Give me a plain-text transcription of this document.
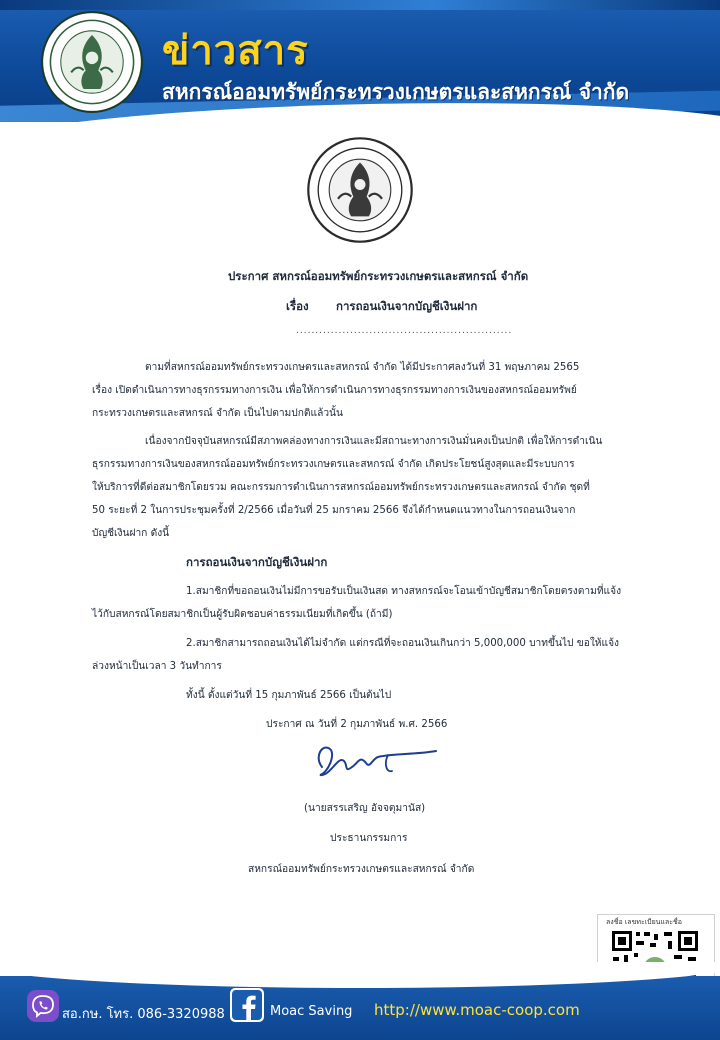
ข่าวสาร
สหกรณ์ออมทรัพย์กระทรวงเกษตรและสหกรณ์ จำกัด
ประกาศ สหกรณ์ออมทรัพย์กระทรวงเกษตรและสหกรณ์ จำกัด
เรื่อง การถอนเงินจากบัญชีเงินฝาก
........................................................
ตามที่สหกรณ์ออมทรัพย์กระทรวงเกษตรและสหกรณ์ จำกัด ได้มีประกาศลงวันที่ 31 พฤษภาคม 2565
เรื่อง เปิดดำเนินการทางธุรกรรมทางการเงิน เพื่อให้การดำเนินการทางธุรกรรมทางการเงินของสหกรณ์ออมทรัพย์
กระทรวงเกษตรและสหกรณ์ จำกัด เป็นไปตามปกติแล้วนั้น
เนื่องจากปัจจุบันสหกรณ์มีสภาพคล่องทางการเงินและมีสถานะทางการเงินมั่นคงเป็นปกติ เพื่อให้การดำเนิน
ธุรกรรมทางการเงินของสหกรณ์ออมทรัพย์กระทรวงเกษตรและสหกรณ์ จำกัด เกิดประโยชน์สูงสุดและมีระบบการ
ให้บริการที่ดีต่อสมาชิกโดยรวม คณะกรรมการดำเนินการสหกรณ์ออมทรัพย์กระทรวงเกษตรและสหกรณ์ จำกัด ชุดที่
50 ระยะที่ 2 ในการประชุมครั้งที่ 2/2566 เมื่อวันที่ 25 มกราคม 2566 จึงได้กำหนดแนวทางในการถอนเงินจาก
บัญชีเงินฝาก ดังนี้
การถอนเงินจากบัญชีเงินฝาก
1.สมาชิกที่ขอถอนเงินไม่มีการขอรับเป็นเงินสด ทางสหกรณ์จะโอนเข้าบัญชีสมาชิกโดยตรงตามที่แจ้ง
ไว้กับสหกรณ์โดยสมาชิกเป็นผู้รับผิดชอบค่าธรรมเนียมที่เกิดขึ้น (ถ้ามี)
2.สมาชิกสามารถถอนเงินได้ไม่จำกัด แต่กรณีที่จะถอนเงินเกินกว่า 5,000,000 บาทขึ้นไป ขอให้แจ้ง
ล่วงหน้าเป็นเวลา 3 วันทำการ
ทั้งนี้ ตั้งแต่วันที่ 15 กุมภาพันธ์ 2566 เป็นต้นไป
ประกาศ ณ วันที่ 2 กุมภาพันธ์ พ.ศ. 2566
(นายสรรเสริญ อัจจตุมานัส)
ประธานกรรมการ
สหกรณ์ออมทรัพย์กระทรวงเกษตรและสหกรณ์ จำกัด
ลงชื่อ เลขทะเบียนและชื่อ
สอ.กษ. โทร. 086-3320988	Moac Saving http://www.moac-coop.com
